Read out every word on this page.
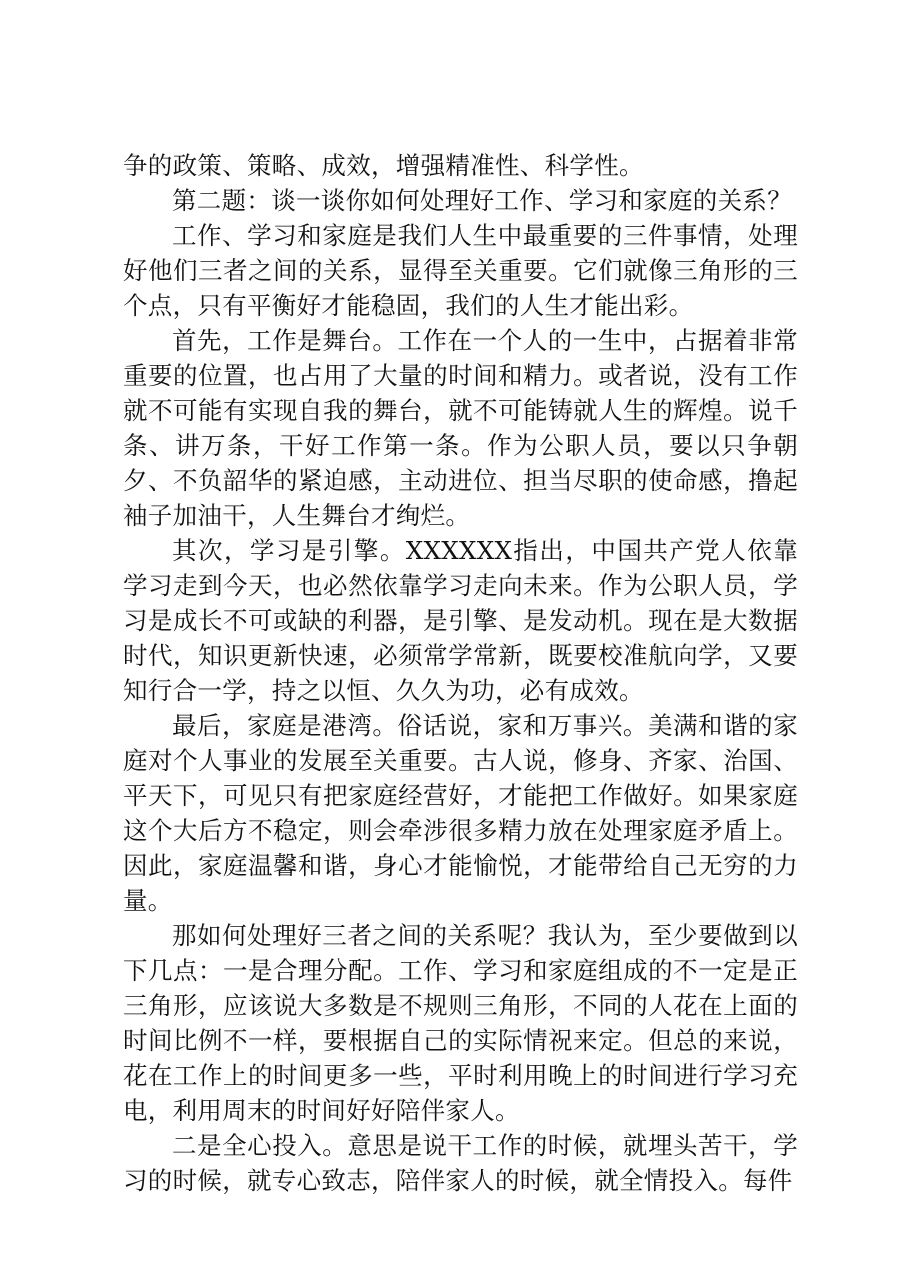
争的政策、策略、成效，增强精准性、科学性。

第二题：谈一谈你如何处理好工作、学习和家庭的关系？

工作、学习和家庭是我们人生中最重要的三件事情，处理好他们三者之间的关系，显得至关重要。它们就像三角形的三个点，只有平衡好才能稳固，我们的人生才能出彩。

首先，工作是舞台。工作在一个人的一生中，占据着非常重要的位置，也占用了大量的时间和精力。或者说，没有工作就不可能有实现自我的舞台，就不可能铸就人生的辉煌。说千条、讲万条，干好工作第一条。作为公职人员，要以只争朝夕、不负韶华的紧迫感，主动进位、担当尽职的使命感，撸起袖子加油干，人生舞台才绚烂。

其次，学习是引擎。XXXXXX指出，中国共产党人依靠学习走到今天，也必然依靠学习走向未来。作为公职人员，学习是成长不可或缺的利器，是引擎、是发动机。现在是大数据时代，知识更新快速，必须常学常新，既要校准航向学，又要知行合一学，持之以恒、久久为功，必有成效。

最后，家庭是港湾。俗话说，家和万事兴。美满和谐的家庭对个人事业的发展至关重要。古人说，修身、齐家、治国、平天下，可见只有把家庭经营好，才能把工作做好。如果家庭这个大后方不稳定，则会牵涉很多精力放在处理家庭矛盾上。因此，家庭温馨和谐，身心才能愉悦，才能带给自己无穷的力量。

那如何处理好三者之间的关系呢？我认为，至少要做到以下几点：一是合理分配。工作、学习和家庭组成的不一定是正三角形，应该说大多数是不规则三角形，不同的人花在上面的时间比例不一样，要根据自己的实际情祝来定。但总的来说，花在工作上的时间更多一些，平时利用晚上的时间进行学习充电，利用周末的时间好好陪伴家人。

二是全心投入。意思是说干工作的时候，就埋头苦干，学习的时候，就专心致志，陪伴家人的时候，就全情投入。每件
